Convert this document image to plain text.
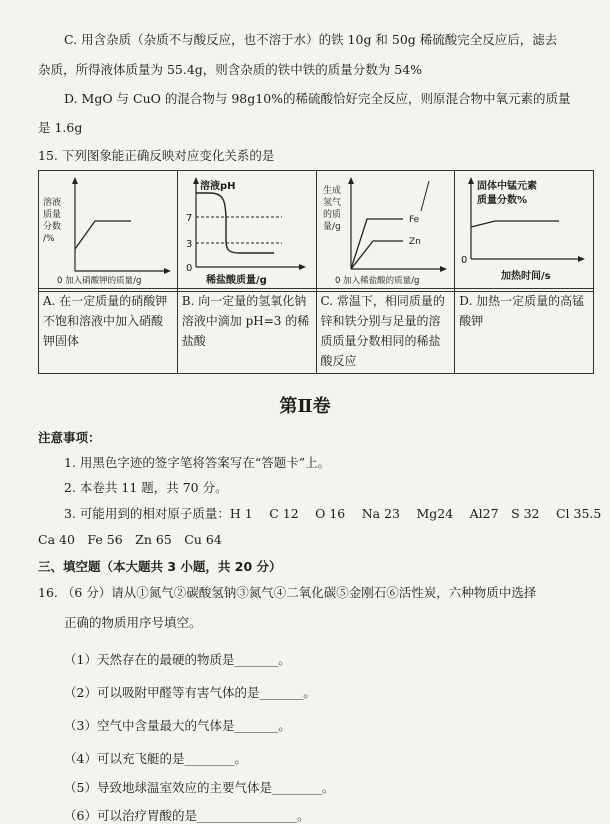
C. 用含杂质（杂质不与酸反应，也不溶于水）的铁 10g 和 50g 稀硫酸完全反应后，滤去
杂质，所得液体质量为 55.4g，则含杂质的铁中铁的质量分数为 54%
D. MgO 与 CuO 的混合物与 98g10%的稀硫酸恰好完全反应，则原混合物中氧元素的质量
是 1.6g
15. 下列图象能正确反映对应变化关系的是
溶液
质量
分数
/%
0 加入硝酸钾的质量/g

溶液pH
7
3
0
稀盐酸质量/g

生成
氢气
的质
量/g
Fe
Zn
0 加入稀盐酸的质量/g

固体中锰元素
质量分数%
0
加热时间/s
A. 在一定质量的硝酸钾不饱和溶液中加入硝酸钾固体	B. 向一定量的氢氧化钠溶液中滴加 pH=3 的稀盐酸	C. 常温下，相同质量的锌和铁分别与足量的溶质质量分数相同的稀盐酸反应	D. 加热一定质量的高锰酸钾
第Ⅱ卷
注意事项：
1. 用黑色字迹的签字笔将答案写在“答题卡”上。
2. 本卷共 11 题，共 70 分。
3. 可能用到的相对原子质量：H 1　 C 12　 O 16　 Na 23　 Mg24　 Al27　S 32　 Cl 35.5
Ca 40　Fe 56　Zn 65　Cu 64
三、填空题（本大题共 3 小题，共 20 分）
16. （6 分）请从①氮气②碳酸氢钠③氮气④二氧化碳⑤金刚石⑥活性炭，六种物质中选择
正确的物质用序号填空。
（1）天然存在的最硬的物质是_______。
（2）可以吸附甲醛等有害气体的是_______。
（3）空气中含量最大的气体是_______。
（4）可以充飞艇的是________。
（5）导致地球温室效应的主要气体是________。
（6）可以治疗胃酸的是________________。
